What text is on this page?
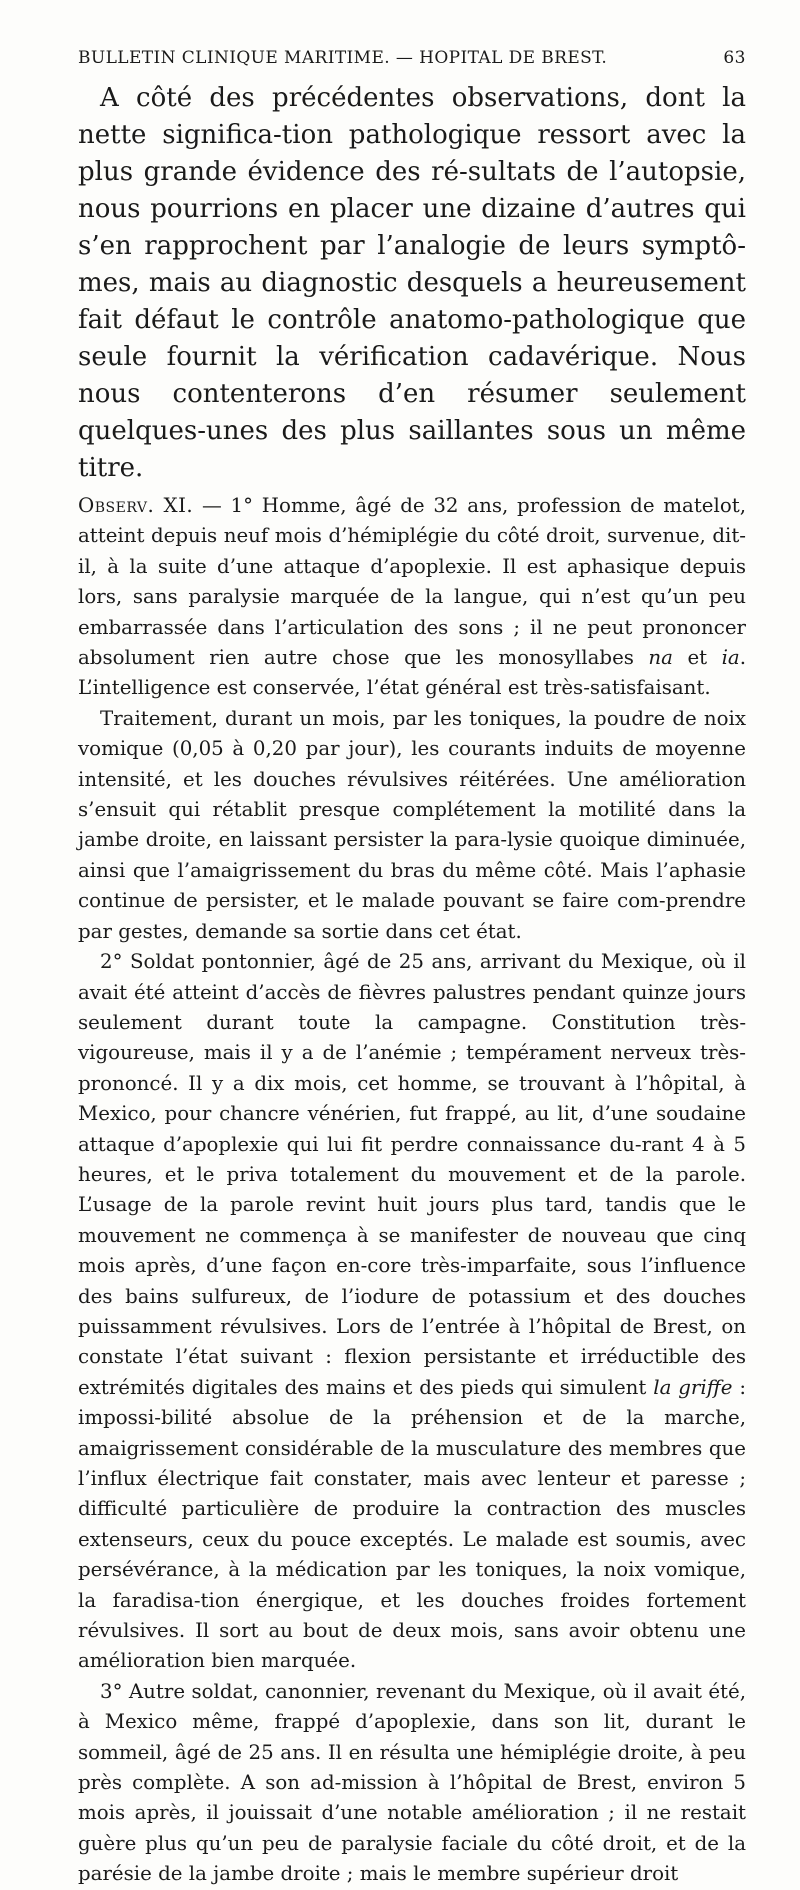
BULLETIN CLINIQUE MARITIME. — HOPITAL DE BREST.	63

A côté des précédentes observations, dont la nette significa-tion pathologique ressort avec la plus grande évidence des ré-sultats de l’autopsie, nous pourrions en placer une dizaine d’autres qui s’en rapprochent par l’analogie de leurs symptô-mes, mais au diagnostic desquels a heureusement fait défaut le contrôle anatomo-pathologique que seule fournit la vérification cadavérique. Nous nous contenterons d’en résumer seulement quelques-unes des plus saillantes sous un même titre.

Observ. XI. — 1° Homme, âgé de 32 ans, profession de matelot, atteint depuis neuf mois d’hémiplégie du côté droit, survenue, dit-il, à la suite d’une attaque d’apoplexie. Il est aphasique depuis lors, sans paralysie marquée de la langue, qui n’est qu’un peu embarrassée dans l’articulation des sons ; il ne peut prononcer absolument rien autre chose que les monosyllabes na et ia. L’intelligence est conservée, l’état général est très-satisfaisant.

Traitement, durant un mois, par les toniques, la poudre de noix vomique (0,05 à 0,20 par jour), les courants induits de moyenne intensité, et les douches révulsives réitérées. Une amélioration s’ensuit qui rétablit presque complétement la motilité dans la jambe droite, en laissant persister la para-lysie quoique diminuée, ainsi que l’amaigrissement du bras du même côté. Mais l’aphasie continue de persister, et le malade pouvant se faire com-prendre par gestes, demande sa sortie dans cet état.

2° Soldat pontonnier, âgé de 25 ans, arrivant du Mexique, où il avait été atteint d’accès de fièvres palustres pendant quinze jours seulement durant toute la campagne. Constitution très-vigoureuse, mais il y a de l’anémie ; tempérament nerveux très-prononcé. Il y a dix mois, cet homme, se trouvant à l’hôpital, à Mexico, pour chancre vénérien, fut frappé, au lit, d’une soudaine attaque d’apoplexie qui lui fit perdre connaissance du-rant 4 à 5 heures, et le priva totalement du mouvement et de la parole. L’usage de la parole revint huit jours plus tard, tandis que le mouvement ne commença à se manifester de nouveau que cinq mois après, d’une façon en-core très-imparfaite, sous l’influence des bains sulfureux, de l’iodure de potassium et des douches puissamment révulsives. Lors de l’entrée à l’hôpital de Brest, on constate l’état suivant : flexion persistante et irréductible des extrémités digitales des mains et des pieds qui simulent la griffe : impossi-bilité absolue de la préhension et de la marche, amaigrissement considérable de la musculature des membres que l’influx électrique fait constater, mais avec lenteur et paresse ; difficulté particulière de produire la contraction des muscles extenseurs, ceux du pouce exceptés. Le malade est soumis, avec persévérance, à la médication par les toniques, la noix vomique, la faradisa-tion énergique, et les douches froides fortement révulsives. Il sort au bout de deux mois, sans avoir obtenu une amélioration bien marquée.

3° Autre soldat, canonnier, revenant du Mexique, où il avait été, à Mexico même, frappé d’apoplexie, dans son lit, durant le sommeil, âgé de 25 ans. Il en résulta une hémiplégie droite, à peu près complète. A son ad-mission à l’hôpital de Brest, environ 5 mois après, il jouissait d’une notable amélioration ; il ne restait guère plus qu’un peu de paralysie faciale du côté droit, et de la parésie de la jambe droite ; mais le membre supérieur droit
